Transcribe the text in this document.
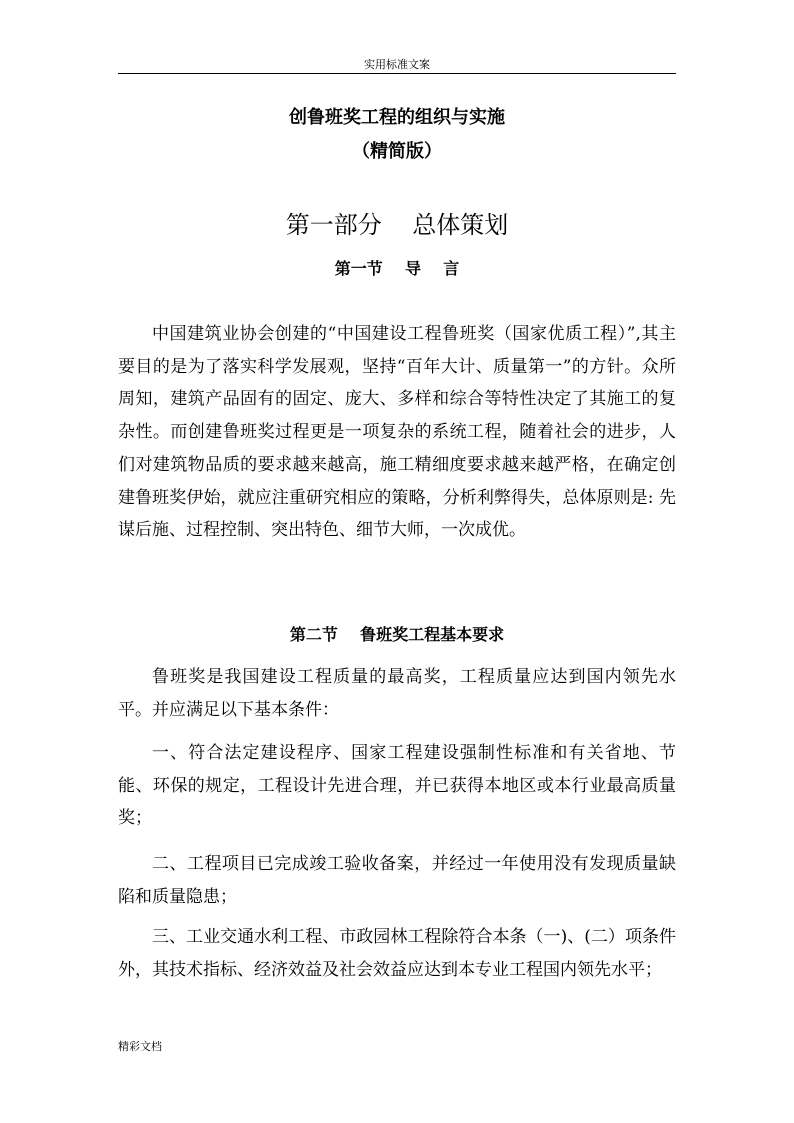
实用标准文案
创鲁班奖工程的组织与实施
（精简版）
第一部分    总体策划
第一节    导    言

中国建筑业协会创建的“中国建设工程鲁班奖（国家优质工程）”,其主要目的是为了落实科学发展观，坚持“百年大计、质量第一”的方针。众所周知，建筑产品固有的固定、庞大、多样和综合等特性决定了其施工的复杂性。而创建鲁班奖过程更是一项复杂的系统工程，随着社会的进步，人们对建筑物品质的要求越来越高，施工精细度要求越来越严格，在确定创建鲁班奖伊始，就应注重研究相应的策略，分析利弊得失，总体原则是: 先谋后施、过程控制、突出特色、细节大师，一次成优。

第二节    鲁班奖工程基本要求

鲁班奖是我国建设工程质量的最高奖，工程质量应达到国内领先水平。并应满足以下基本条件：

一、符合法定建设程序、国家工程建设强制性标准和有关省地、节能、环保的规定，工程设计先进合理，并已获得本地区或本行业最高质量奖；

二、工程项目已完成竣工验收备案，并经过一年使用没有发现质量缺陷和质量隐患；

三、工业交通水利工程、市政园林工程除符合本条（一)、(二）项条件外，其技术指标、经济效益及社会效益应达到本专业工程国内领先水平；

精彩文档
